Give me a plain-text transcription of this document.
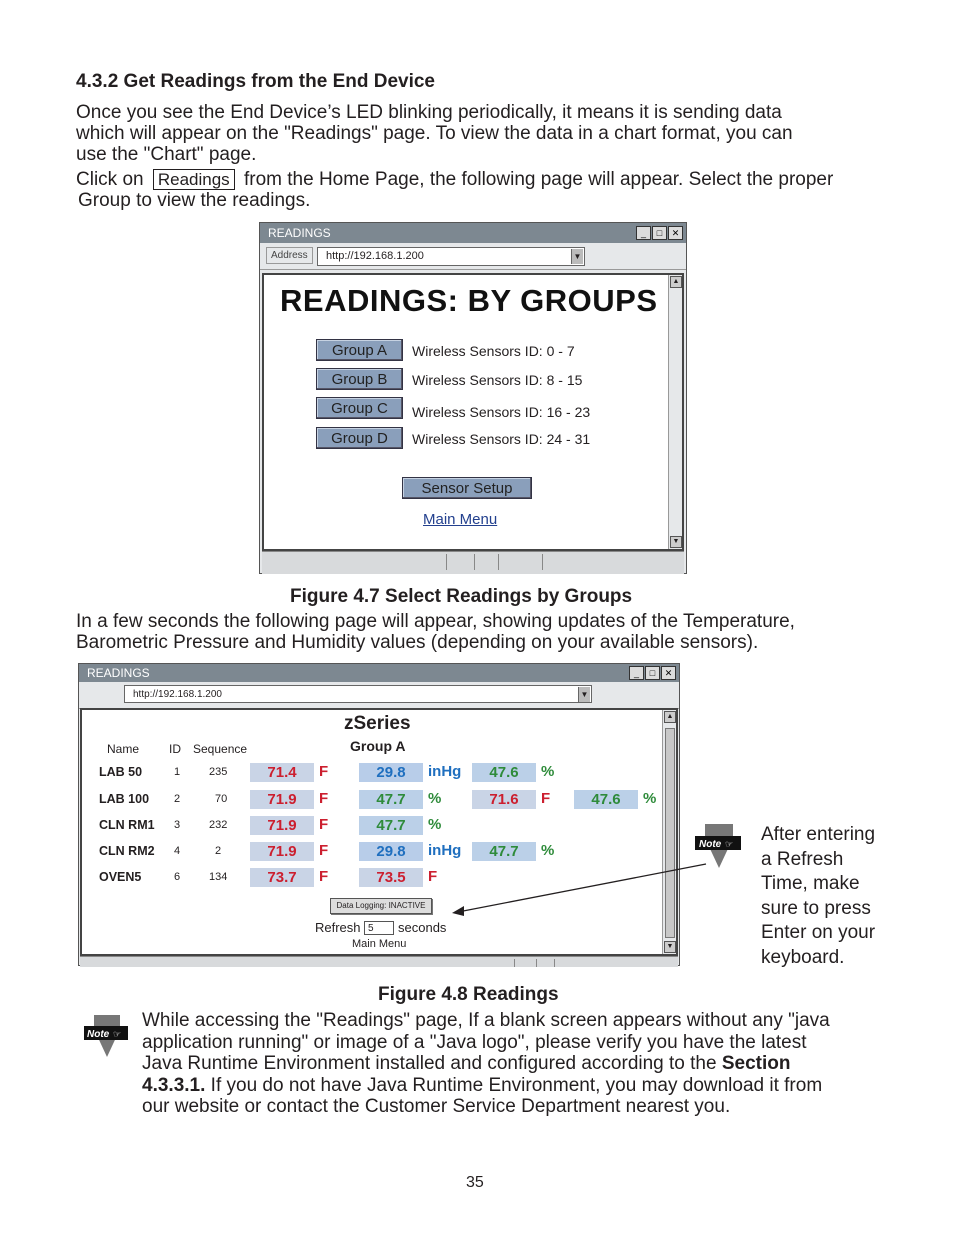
4.3.2 Get Readings from the End Device
Once you see the End Device’s LED blinking periodically, it means it is sending data
which will appear on the "Readings" page. To view the data in a chart format, you can
use the "Chart" page.
Click on Readings from the Home Page, the following page will appear. Select the proper
Group to view the readings.
READINGS	_	□	✕
Address	http://192.168.1.200	▼
READINGS: BY GROUPS
Group A	Wireless Sensors ID: 0 - 7
Group B	Wireless Sensors ID: 8 - 15
Group C	Wireless Sensors ID: 16 - 23
Group D	Wireless Sensors ID: 24 - 31
Sensor Setup
Main Menu
▲
▼
Figure 4.7 Select Readings by Groups
In a few seconds the following page will appear, showing updates of the Temperature,
Barometric Pressure and Humidity values (depending on your available sensors).
READINGS	_	□	✕
http://192.168.1.200	▼
zSeries
Group A
Name ID Sequence
LAB 50	1	235	71.4	F	29.8	inHg	47.6	%
LAB 100 2	70	71.9	F	47.7	%	71.6	F	47.6	%
CLN RM1 3	232	71.9	F	47.7	%
CLN RM2 4	2	71.9	F	29.8	inHg	47.7	%
OVEN5	6	134	73.7	F	73.5	F
Data Logging: INACTIVE
Refresh 5	seconds
Main Menu
▲
▼
Note ☞ After entering
a Refresh
Time, make
sure to press
Enter on your
keyboard.
Figure 4.8 Readings
Note ☞
While accessing the "Readings" page, If a blank screen appears without any "java
application running" or image of a "Java logo", please verify you have the latest
Java Runtime Environment installed and configured according to the Section
4.3.3.1. If you do not have Java Runtime Environment, you may download it from
our website or contact the Customer Service Department nearest you.
35
